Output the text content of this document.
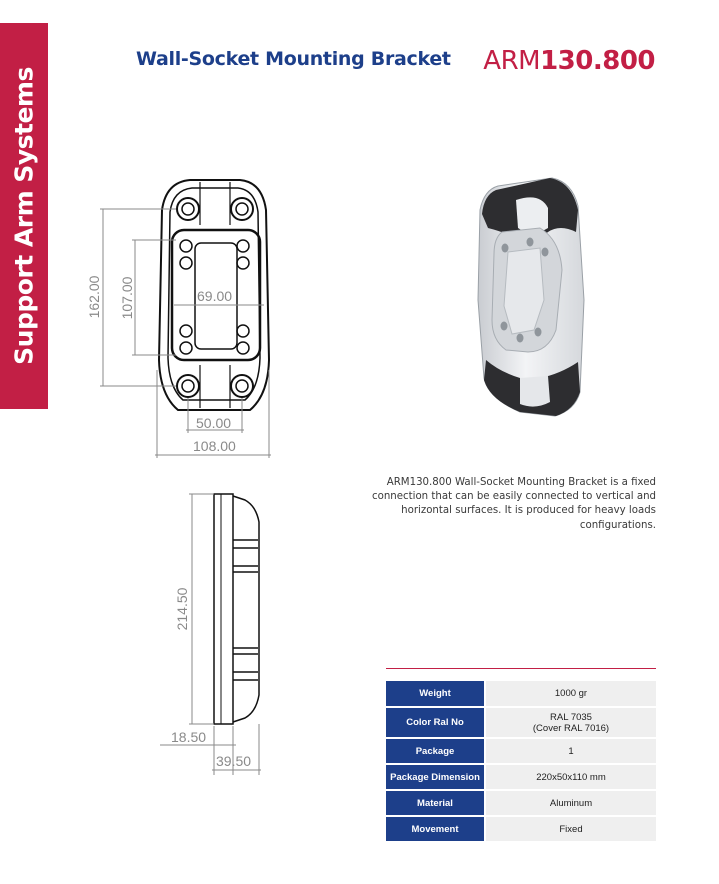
Support Arm Systems
Wall-Socket Mounting Bracket ARM130.800
162.00 107.00	69.00
50.00
108.00
214.50
18.50
39.50
ARM130.800 Wall-Socket Mounting Bracket is a fixed connection that can be easily connected to vertical and horizontal surfaces. It is produced for heavy loads configurations.
Weight	1000 gr
Color Ral No	RAL 7035
(Cover RAL 7016)

Package	1
Package Dimension	220x50x110 mm
Material	Aluminum
Movement	Fixed
